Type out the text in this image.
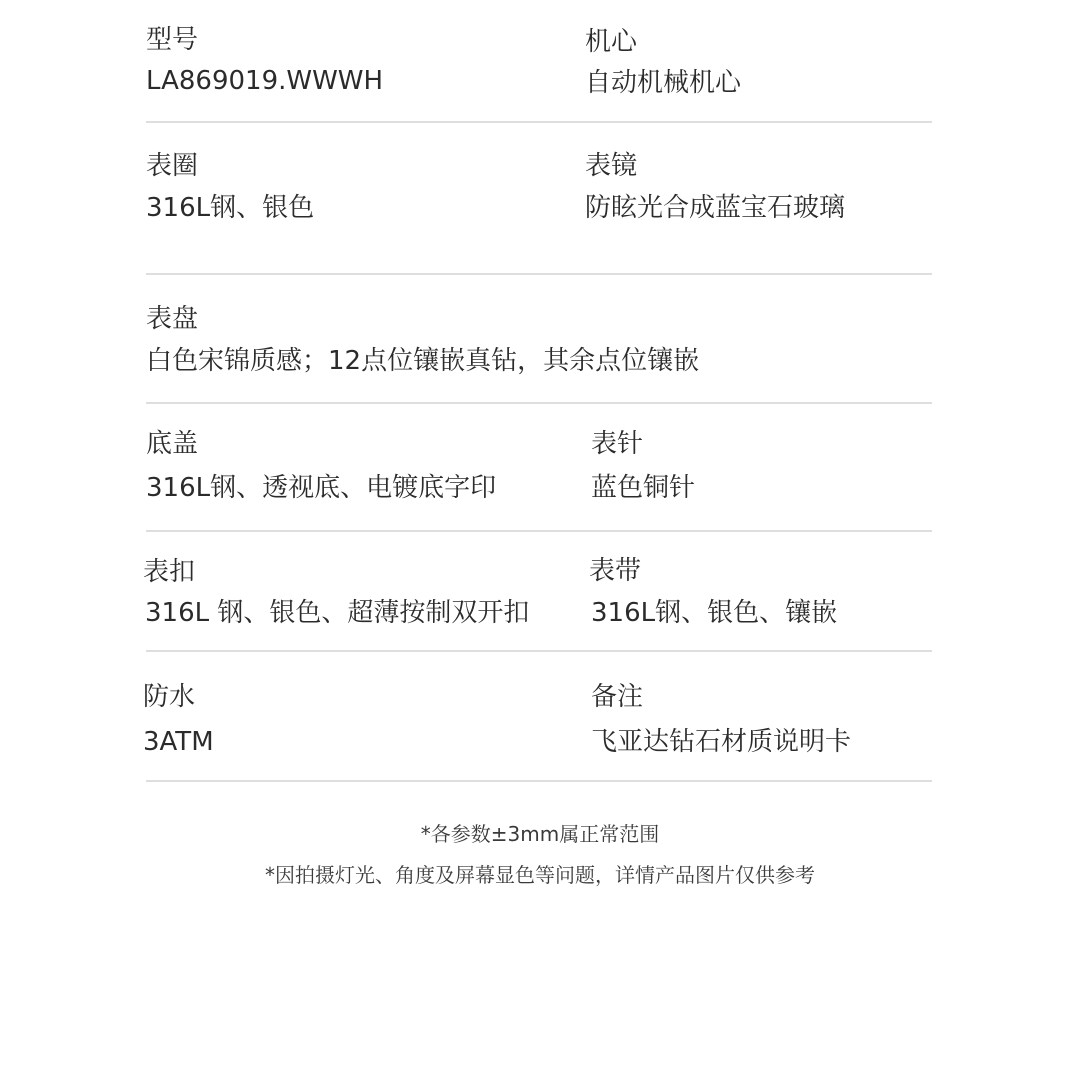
型号
LA869019.WWWH
机心
自动机械机心
表圈
316L钢、银色
表镜
防眩光合成蓝宝石玻璃
表盘
白色宋锦质感；12点位镶嵌真钻，其余点位镶嵌
底盖
316L钢、透视底、电镀底字印
表针
蓝色铜针
表扣
316L 钢、银色、超薄按制双开扣
表带
316L钢、银色、镶嵌
防水
3ATM
备注
飞亚达钻石材质说明卡
*各参数±3mm属正常范围
*因拍摄灯光、角度及屏幕显色等问题，详情产品图片仅供参考
